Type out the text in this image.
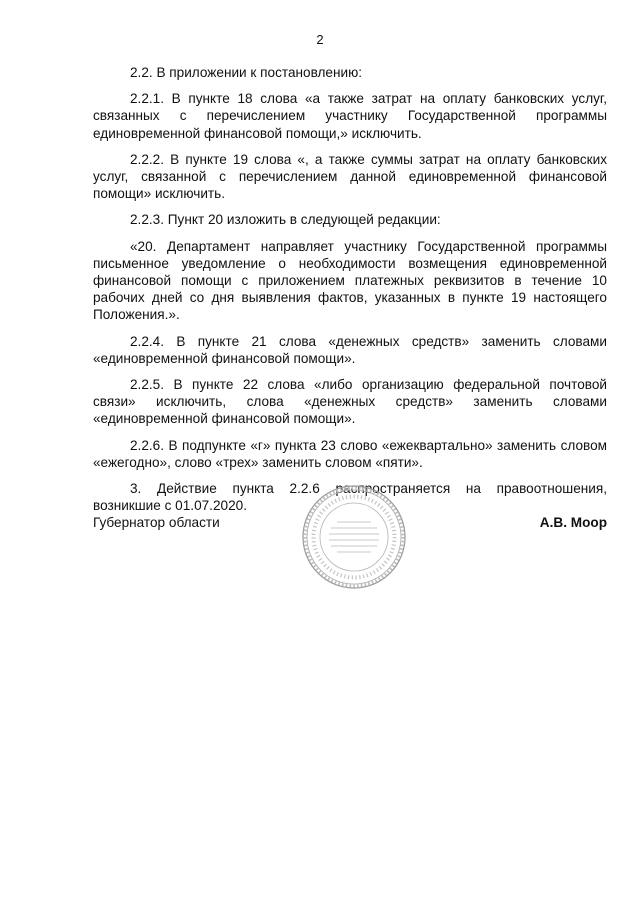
2

2.2. В приложении к постановлению:

2.2.1. В пункте 18 слова «а также затрат на оплату банковских услуг, связанных с перечислением участнику Государственной программы единовременной финансовой помощи,» исключить.

2.2.2. В пункте 19 слова «, а также суммы затрат на оплату банковских услуг, связанной с перечислением данной единовременной финансовой помощи» исключить.

2.2.3. Пункт 20 изложить в следующей редакции:

«20. Департамент направляет участнику Государственной программы письменное уведомление о необходимости возмещения единовременной финансовой помощи с приложением платежных реквизитов в течение 10 рабочих дней со дня выявления фактов, указанных в пункте 19 настоящего Положения.».

2.2.4. В пункте 21 слова «денежных средств» заменить словами «единовременной финансовой помощи».

2.2.5. В пункте 22 слова «либо организацию федеральной почтовой связи» исключить, слова «денежных средств» заменить словами «единовременной финансовой помощи».

2.2.6. В подпункте «г» пункта 23 слово «ежеквартально» заменить словом «ежегодно», слово «трех» заменить словом «пяти».

3. Действие пункта 2.2.6 распространяется на правоотношения, возникшие с 01.07.2020.

Губернатор области	А.В. Моор
